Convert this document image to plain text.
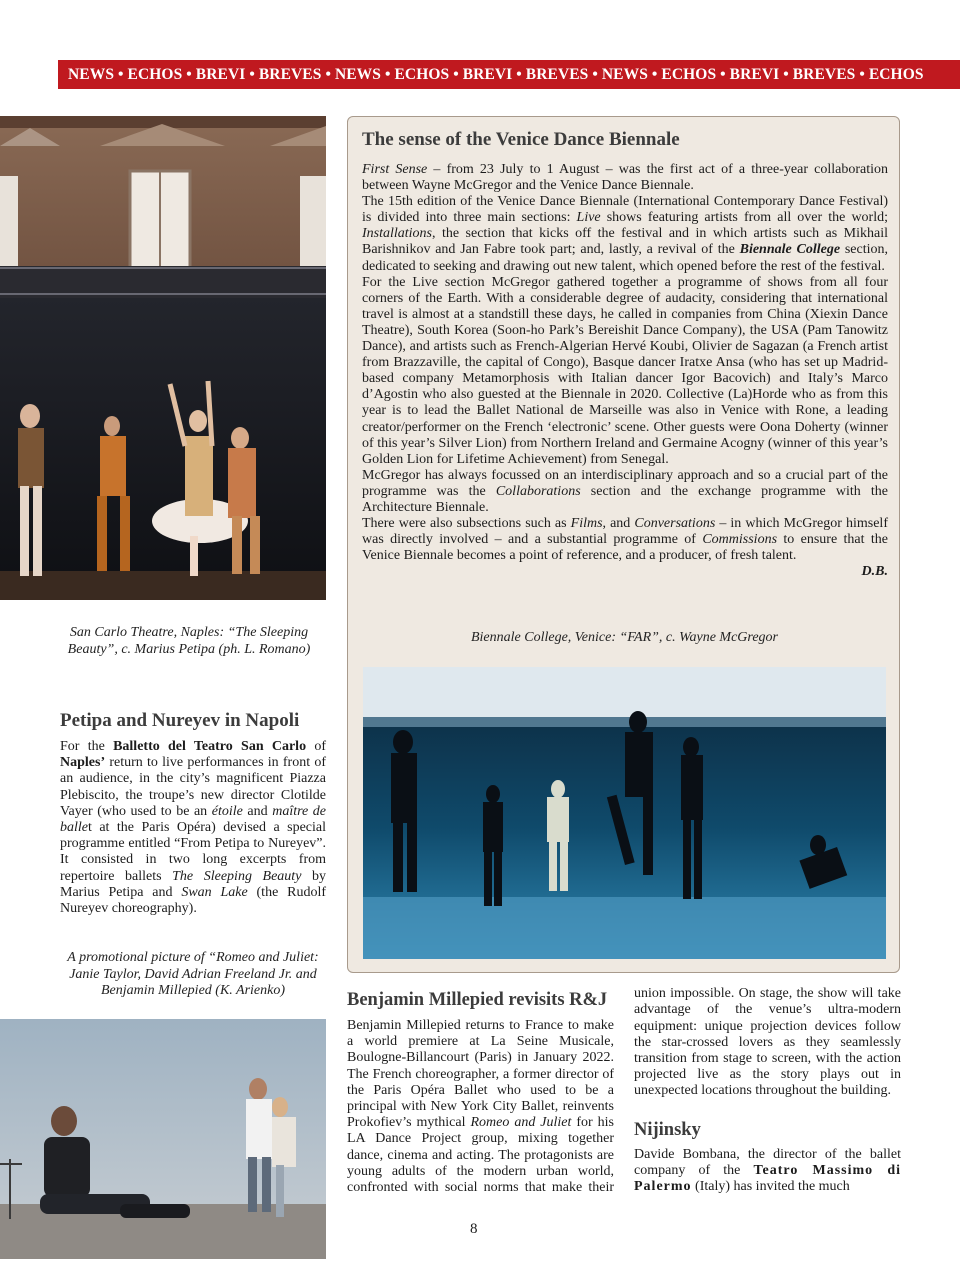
NEWS • ECHOS • BREVI • BREVES • NEWS • ECHOS • BREVI • BREVES • NEWS • ECHOS • BREVI • BREVES • ECHOS
San Carlo Theatre, Naples: “The Sleeping Beauty”, c. Marius Petipa (ph. L. Romano)
Petipa and Nureyev in Napoli
For the Balletto del Teatro San Carlo of Naples’ return to live performances in front of an audience, in the city’s magnificent Piazza Plebiscito, the troupe’s new director Clotilde Vayer (who used to be an étoile and maître de ballet at the Paris Opéra) devised a special programme entitled “From Petipa to Nureyev”. It consisted in two long excerpts from repertoire ballets The Sleeping Beauty by Marius Petipa and Swan Lake (the Rudolf Nureyev choreography).
A promotional picture of “Romeo and Juliet: Janie Taylor, David Adrian Freeland Jr. and Benjamin Millepied (K. Arienko)
The sense of the Venice Dance Biennale

First Sense – from 23 July to 1 August – was the first act of a three-year collaboration between Wayne McGregor and the Venice Dance Biennale.

The 15th edition of the Venice Dance Biennale (International Contemporary Dance Festival) is divided into three main sections: Live shows featuring artists from all over the world; Installations, the section that kicks off the festival and in which artists such as Mikhail Barishnikov and Jan Fabre took part; and, lastly, a revival of the Biennale College section, dedicated to seeking and drawing out new talent, which opened before the rest of the festival.

For the Live section McGregor gathered together a programme of shows from all four corners of the Earth. With a considerable degree of audacity, considering that international travel is almost at a standstill these days, he called in companies from China (Xiexin Dance Theatre), South Korea (Soon-ho Park’s Bereishit Dance Company), the USA (Pam Tanowitz Dance), and artists such as French-Algerian Hervé Koubi, Olivier de Sagazan (a French artist from Brazzaville, the capital of Congo), Basque dancer Iratxe Ansa (who has set up Madrid-based company Metamorphosis with Italian dancer Igor Bacovich) and Italy’s Marco d’Agostin who also guested at the Biennale in 2020. Collective (La)Horde who as from this year is to lead the Ballet National de Marseille was also in Venice with Rone, a leading creator/performer on the French ‘electronic’ scene. Other guests were Oona Doherty (winner of this year’s Silver Lion) from Northern Ireland and Germaine Acogny (winner of this year’s Golden Lion for Lifetime Achievement) from Senegal.

McGregor has always focussed on an interdisciplinary approach and so a crucial part of the programme was the Collaborations section and the exchange programme with the Architecture Biennale.

There were also subsections such as Films, and Conversations – in which McGregor himself was directly involved – and a substantial programme of Commissions to ensure that the Venice Biennale becomes a point of reference, and a producer, of fresh talent.

D.B.
Biennale College, Venice: “FAR”, c. Wayne McGregor
Benjamin Millepied revisits R&J
Benjamin Millepied returns to France to make a world premiere at La Seine Musicale, Boulogne-Billancourt (Paris) in January 2022. The French choreographer, a former director of the Paris Opéra Ballet who used to be a principal with New York City Ballet, reinvents Prokofiev’s mythical Romeo and Juliet for his LA Dance Project group, mixing together dance, cinema and acting. The protagonists are young adults of the modern urban world, confronted with social norms that make their
union impossible. On stage, the show will take advantage of the venue’s ultra-modern equipment: unique projection devices follow the star-crossed lovers as they seamlessly transition from stage to screen, with the action projected live as the story plays out in unexpected locations throughout the building.
Nijinsky
Davide Bombana, the director of the ballet company of the Teatro Massimo di Palermo (Italy) has invited the much
8
